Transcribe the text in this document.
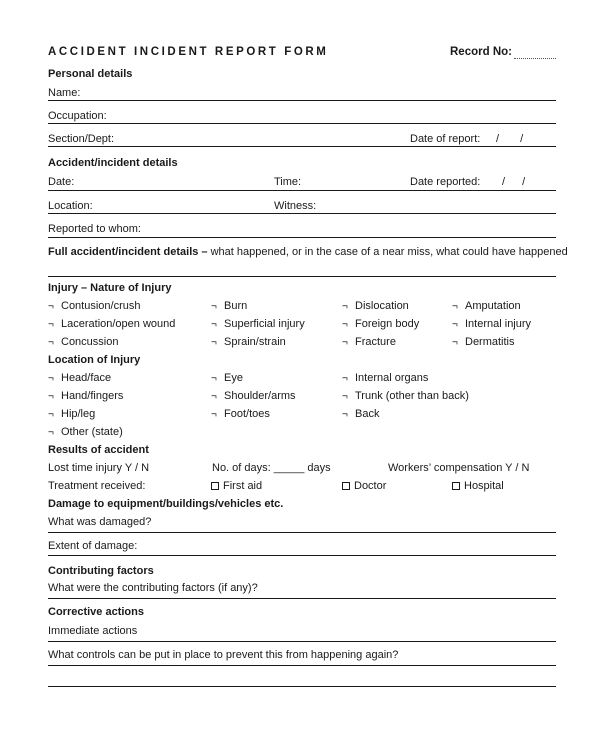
ACCIDENT INCIDENT REPORT FORM	Record No:
Personal details
Name:
Occupation:
Section/Dept:	Date of report: / /
Accident/incident details
Date:	Time:	Date reported: / /
Location:	Witness:
Reported to whom:
Full accident/incident details – what happened, or in the case of a near miss, what could have happened
Injury – Nature of Injury
¬ Contusion/crush	¬ Burn	¬ Dislocation	¬ Amputation
¬ Laceration/open wound	¬ Superficial injury	¬ Foreign body	¬ Internal injury
¬ Concussion	¬ Sprain/strain	¬ Fracture	¬ Dermatitis
Location of Injury
¬ Head/face	¬ Eye	¬ Internal organs
¬ Hand/fingers	¬ Shoulder/arms	¬ Trunk (other than back)
¬ Hip/leg	¬ Foot/toes	¬ Back
¬ Other (state)
Results of accident
Lost time injury Y / N	No. of days: _____ days	Workers’ compensation Y / N
Treatment received:	First aid	Doctor	Hospital
Damage to equipment/buildings/vehicles etc.
What was damaged?
Extent of damage:
Contributing factors
What were the contributing factors (if any)?
Corrective actions
Immediate actions
What controls can be put in place to prevent this from happening again?
